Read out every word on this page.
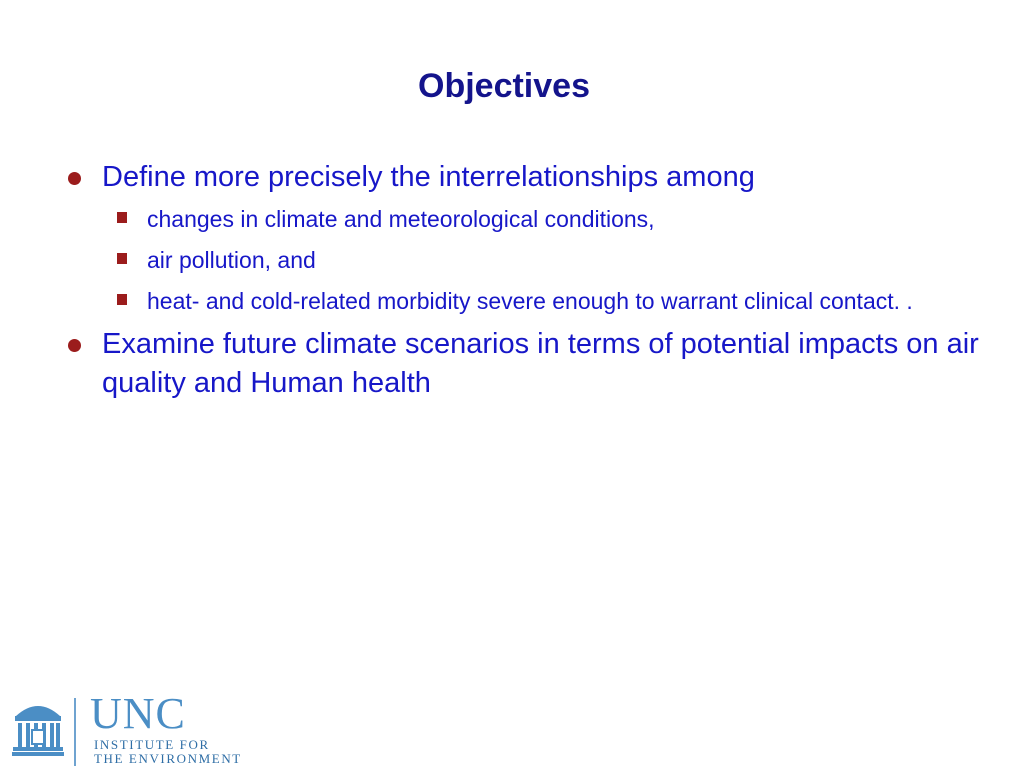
Objectives
Define more precisely the interrelationships among
changes in climate and meteorological conditions,
air pollution, and
heat- and cold-related morbidity severe enough to warrant clinical contact. .
Examine future climate scenarios in terms of potential impacts on air quality and Human health
UNC
INSTITUTE FOR
THE ENVIRONMENT
